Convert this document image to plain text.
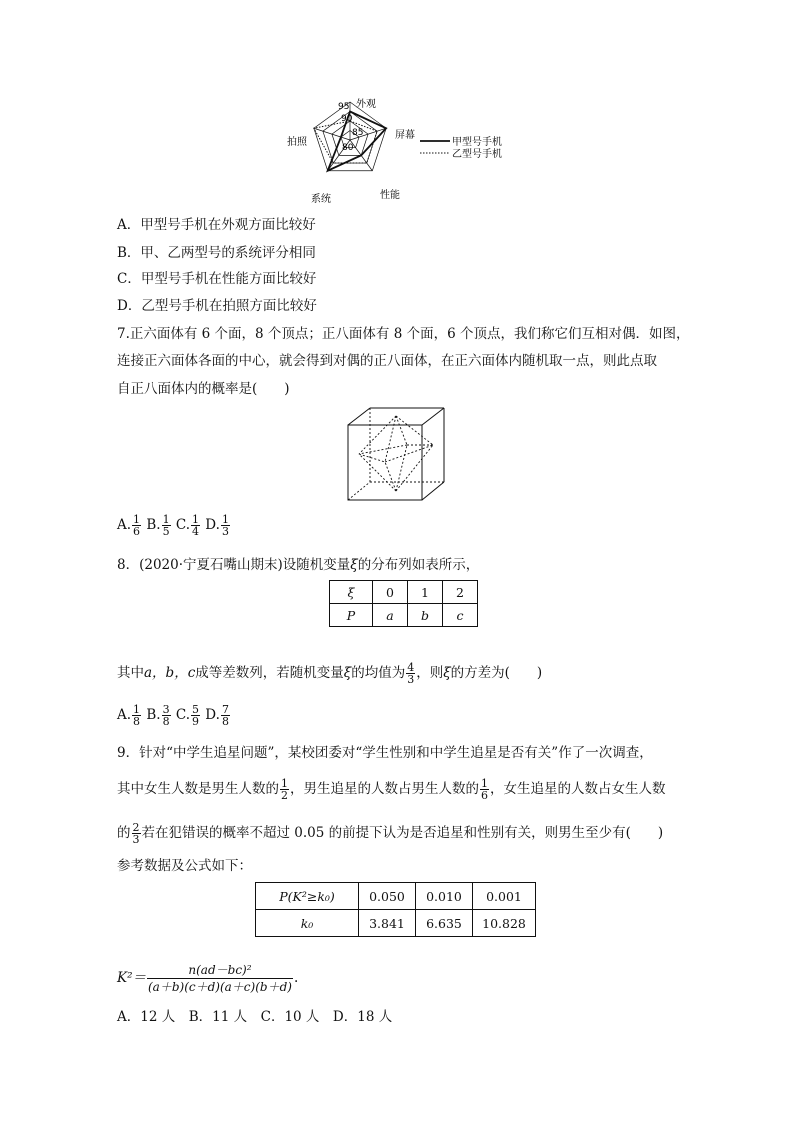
95
90
85
80
外观
屏幕
性能
系统
拍照	甲型号手机
乙型号手机
A．甲型号手机在外观方面比较好
B．甲、乙两型号的系统评分相同
C．甲型号手机在性能方面比较好
D．乙型号手机在拍照方面比较好
7.正六面体有 6 个面，8 个顶点；正八面体有 8 个面，6 个顶点，我们称它们互相对偶．如图，
连接正六面体各面的中心，就会得到对偶的正八面体，在正六面体内随机取一点，则此点取
自正八面体内的概率是(　　)
A. $\frac{1}{6} B$. $\frac{1}{5} C$. $\frac{1}{4} D$. $\frac{1}{3}$
8．(2020·宁夏石嘴山期末)设随机变量ξ的分布列如表所示，
ξ	0	1	2
P	a	b	c
其中a，b，c成等差数列，若随机变量ξ的均值为 $\frac{4}{3}$ ，则ξ的方差为(　　)
A. $\frac{1}{8} B$. $\frac{3}{8} C$. $\frac{5}{9} D$. $\frac{7}{8}$
9．针对“中学生追星问题”，某校团委对“学生性别和中学生追星是否有关”作了一次调查，
其中女生人数是男生人数的 $\frac{1}{2}$ ，男生追星的人数占男生人数的 $\frac{1}{6}$ ，女生追星的人数占女生人数
的 $\frac{2}{3}$ 若在犯错误的概率不超过 0.05 的前提下认为是否追星和性别有关，则男生至少有(　　)
参考数据及公式如下：
P(K²≥k₀)	0.050	0.010	0.001
k₀	3.841	6.635	10.828
$K^2= \frac{\text{n(ad－bc)²}}{(a+b)(c+d)(a+c)(b+d)}$ .
A．12 人　B．11 人　C．10 人　D．18 人
